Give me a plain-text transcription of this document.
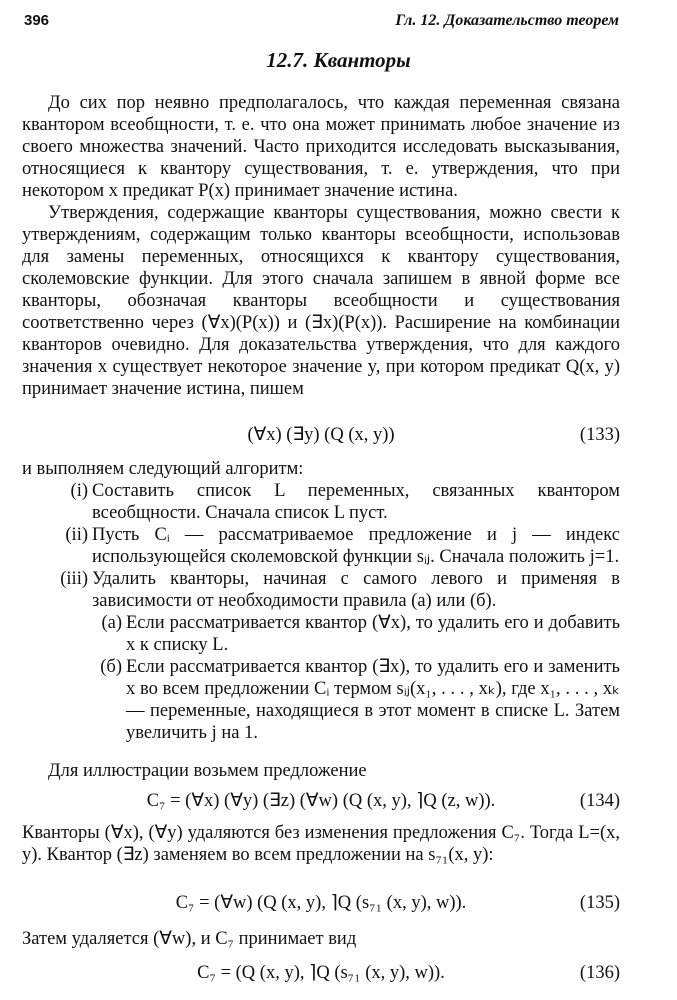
396	Гл. 12. Доказательство теорем
12.7. Кванторы

До сих пор неявно предполагалось, что каждая переменная связана квантором всеобщности, т. е. что она может принимать любое значение из своего множества значений. Часто приходится исследовать высказывания, относящиеся к квантору существования, т. е. утверждения, что при некотором x предикат P(x) принимает значение истина.

Утверждения, содержащие кванторы существования, можно свести к утверждениям, содержащим только кванторы всеобщности, использовав для замены переменных, относящихся к квантору существования, сколемовские функции. Для этого сначала запишем в явной форме все кванторы, обозначая кванторы всеобщности и существования соответственно через (∀x)(P(x)) и (∃x)(P(x)). Расширение на комбинации кванторов очевидно. Для доказательства утверждения, что для каждого значения x существует некоторое значение y, при котором предикат Q(x, y) принимает значение истина, пишем

(∀x) (∃y) (Q (x, y))	(133)

и выполняем следующий алгоритм:

(i) Составить список L переменных, связанных квантором всеобщности. Сначала список L пуст.
(ii) Пусть Cᵢ — рассматриваемое предложение и j — индекс использующейся сколемовской функции sᵢⱼ. Сначала положить j=1.
(iii) Удалить кванторы, начиная с самого левого и применяя в зависимости от необходимости правила (а) или (б).
(а) Если рассматривается квантор (∀x), то удалить его и добавить x к списку L.
(б) Если рассматривается квантор (∃x), то удалить его и заменить x во всем предложении Cᵢ термом sᵢⱼ(x₁, . . . , xₖ), где x₁, . . . , xₖ — переменные, находящиеся в этот момент в списке L. Затем увеличить j на 1.

Для иллюстрации возьмем предложение

C₇ = (∀x) (∀y) (∃z) (∀w) (Q (x, y), ⌉Q (z, w)).	(134)

Кванторы (∀x), (∀y) удаляются без изменения предложения C₇. Тогда L=(x, y). Квантор (∃z) заменяем во всем предложении на s₇₁(x, y):

C₇ = (∀w) (Q (x, y), ⌉Q (s₇₁ (x, y), w)).	(135)

Затем удаляется (∀w), и C₇ принимает вид

C₇ = (Q (x, y), ⌉Q (s₇₁ (x, y), w)).	(136)
